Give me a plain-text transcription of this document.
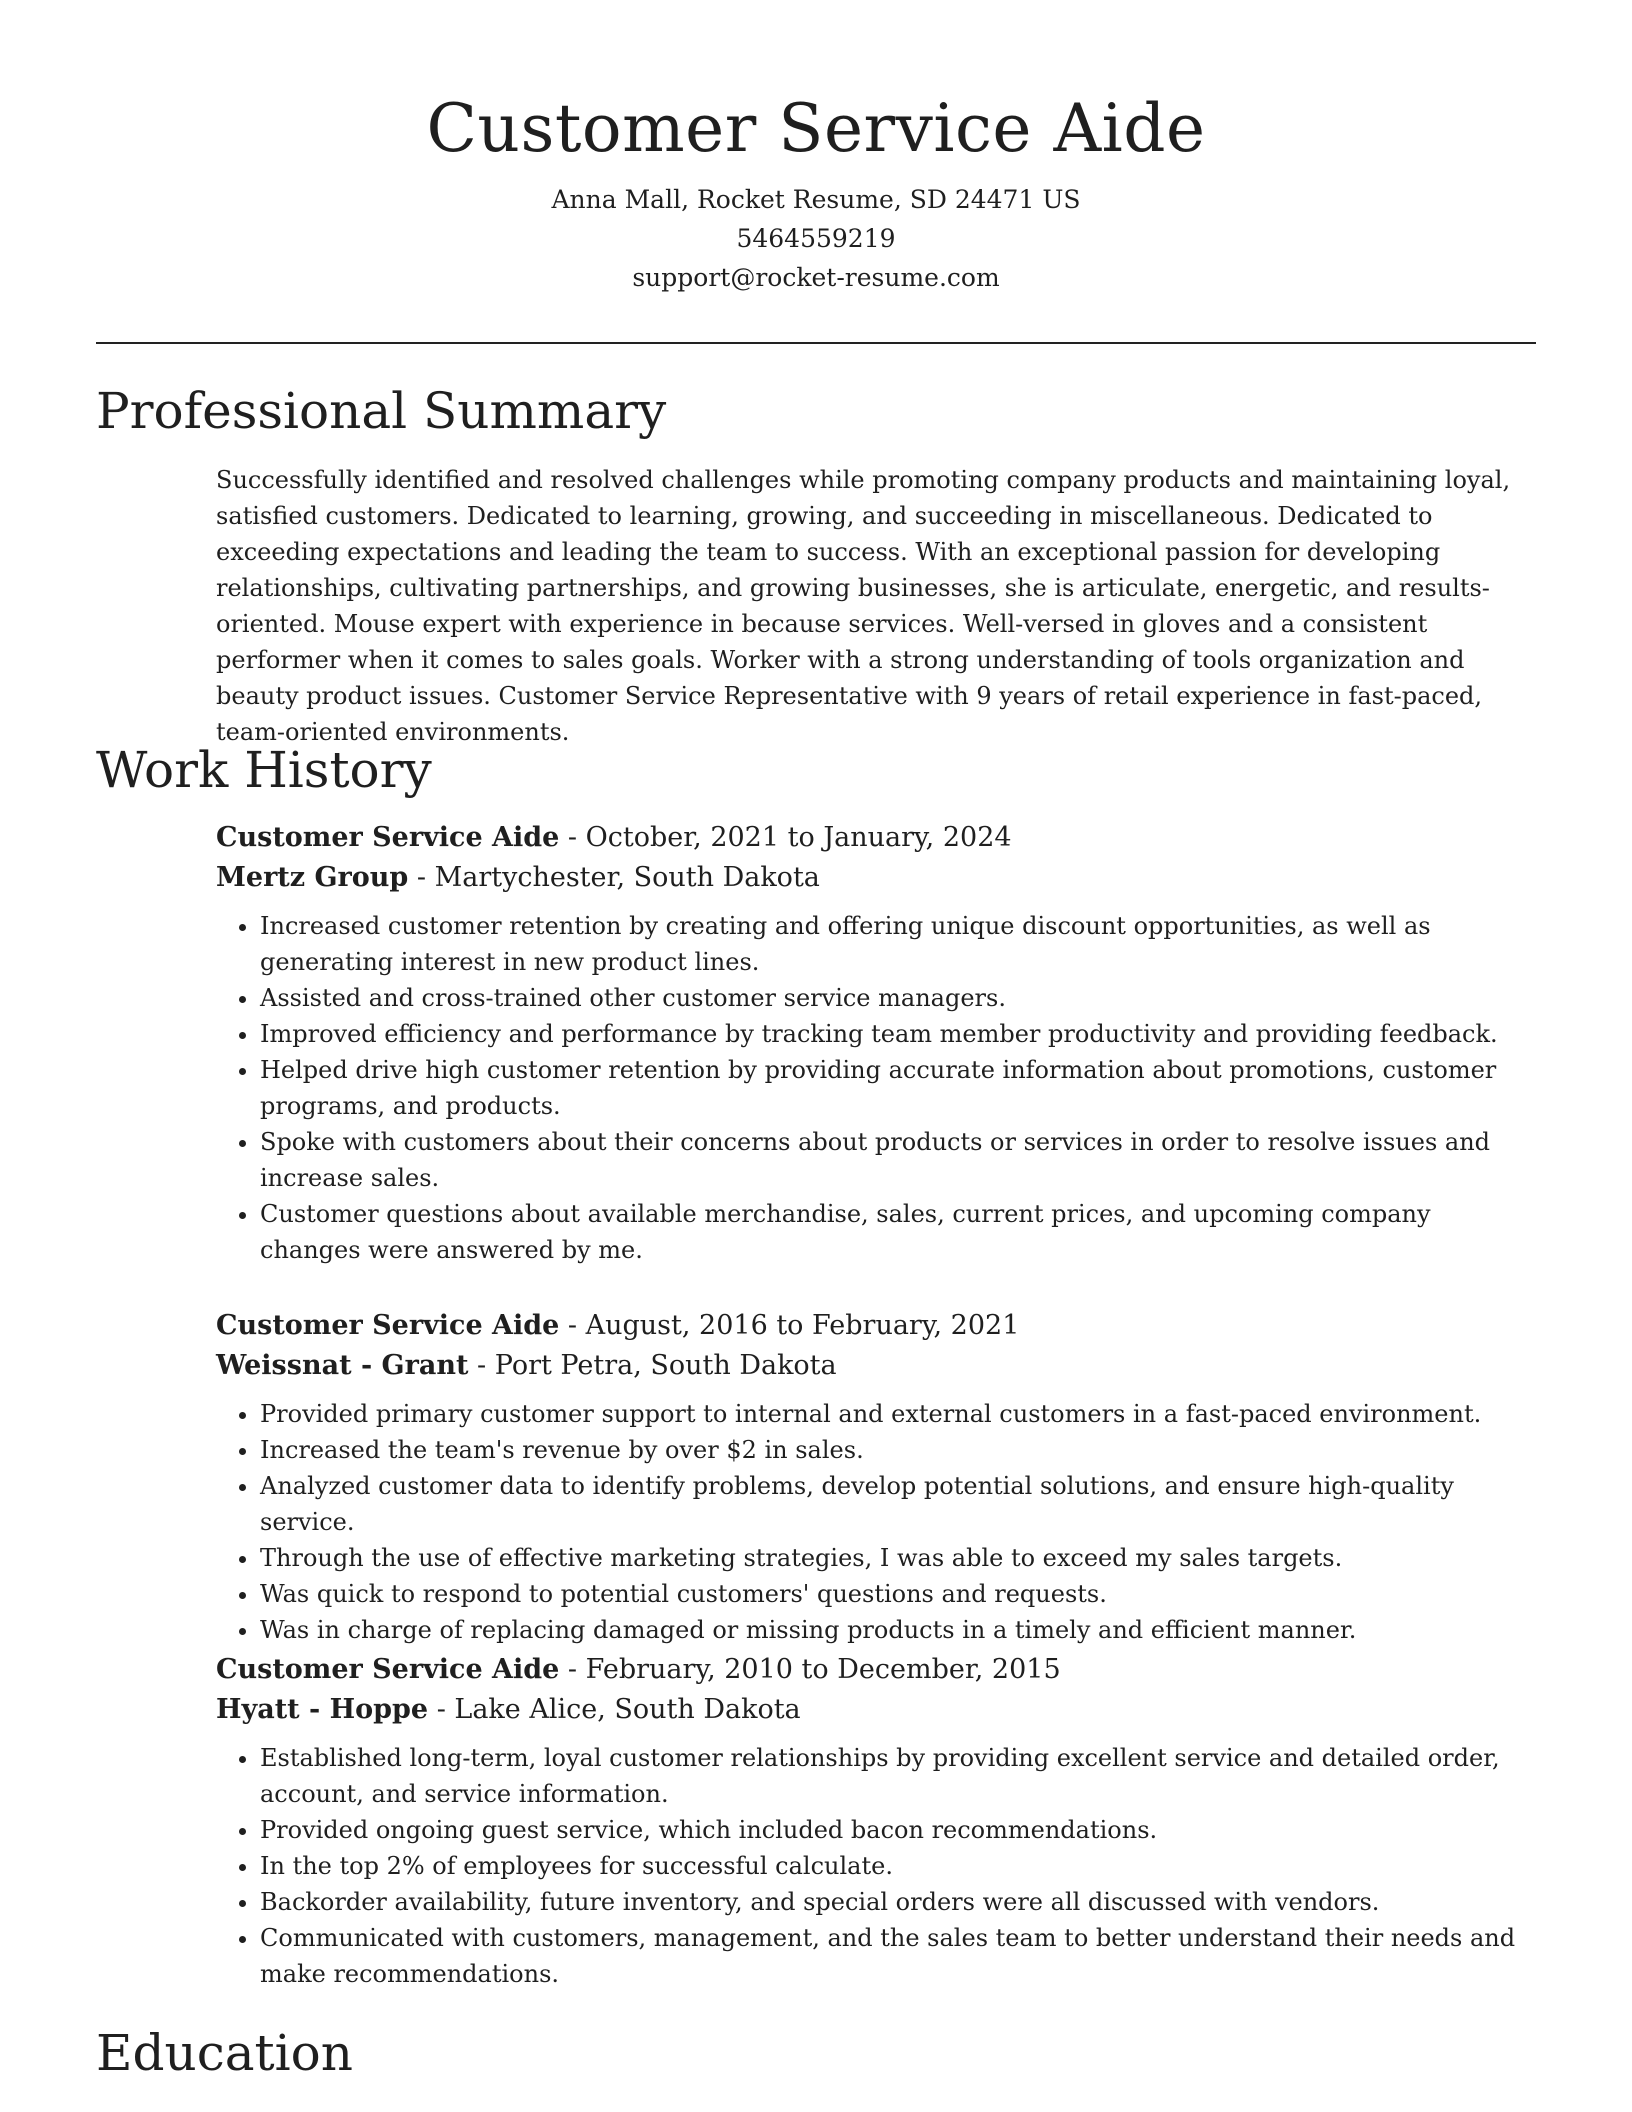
Customer Service Aide

Anna Mall, Rocket Resume, SD 24471 US
5464559219
support@rocket-resume.com

Professional Summary

Successfully identified and resolved challenges while promoting company products and maintaining loyal, satisfied customers. Dedicated to learning, growing, and succeeding in miscellaneous. Dedicated to exceeding expectations and leading the team to success. With an exceptional passion for developing relationships, cultivating partnerships, and growing businesses, she is articulate, energetic, and results-oriented. Mouse expert with experience in because services. Well-versed in gloves and a consistent performer when it comes to sales goals. Worker with a strong understanding of tools organization and beauty product issues. Customer Service Representative with 9 years of retail experience in fast-paced, team-oriented environments.

Work History

Customer Service Aide - October, 2021 to January, 2024

Mertz Group - Martychester, South Dakota

• Increased customer retention by creating and offering unique discount opportunities, as well as generating interest in new product lines.
• Assisted and cross-trained other customer service managers.
• Improved efficiency and performance by tracking team member productivity and providing feedback.
• Helped drive high customer retention by providing accurate information about promotions, customer programs, and products.
• Spoke with customers about their concerns about products or services in order to resolve issues and increase sales.
• Customer questions about available merchandise, sales, current prices, and upcoming company changes were answered by me.

Customer Service Aide - August, 2016 to February, 2021

Weissnat - Grant - Port Petra, South Dakota

• Provided primary customer support to internal and external customers in a fast-paced environment.
• Increased the team's revenue by over $2 in sales.
• Analyzed customer data to identify problems, develop potential solutions, and ensure high-quality service.
• Through the use of effective marketing strategies, I was able to exceed my sales targets.
• Was quick to respond to potential customers' questions and requests.
• Was in charge of replacing damaged or missing products in a timely and efficient manner.

Customer Service Aide - February, 2010 to December, 2015

Hyatt - Hoppe - Lake Alice, South Dakota

• Established long-term, loyal customer relationships by providing excellent service and detailed order, account, and service information.
• Provided ongoing guest service, which included bacon recommendations.
• In the top 2% of employees for successful calculate.
• Backorder availability, future inventory, and special orders were all discussed with vendors.
• Communicated with customers, management, and the sales team to better understand their needs and make recommendations.
Education
